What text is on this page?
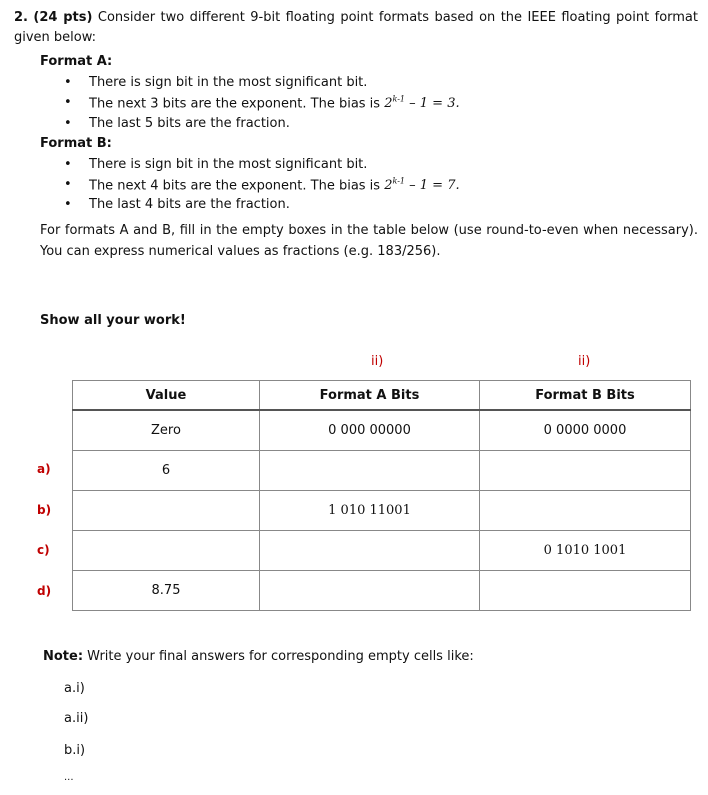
2. (24 pts) Consider two different 9-bit floating point formats based on the IEEE floating point format given below:
Format A:
• There is sign bit in the most significant bit.
• The next 3 bits are the exponent. The bias is 2$^{k-1}$ – 1 = 3.
• The last 5 bits are the fraction.
Format B:
• There is sign bit in the most significant bit.
• The next 4 bits are the exponent. The bias is 2$^{k-1}$ – 1 = 7.
• The last 4 bits are the fraction.
For formats A and B, fill in the empty boxes in the table below (use round-to-even when necessary). You can express numerical values as fractions (e.g. 183/256).
Show all your work!
ii)	ii)
a)
b)
c)
d)
Value	Format A Bits	Format B Bits
Zero	0 000 00000	0 0000 0000
6		
	1 010 11001	
		0 1010 1001
8.75		
Note: Write your final answers for corresponding empty cells like:
a.i)
a.ii)
b.i)
...
